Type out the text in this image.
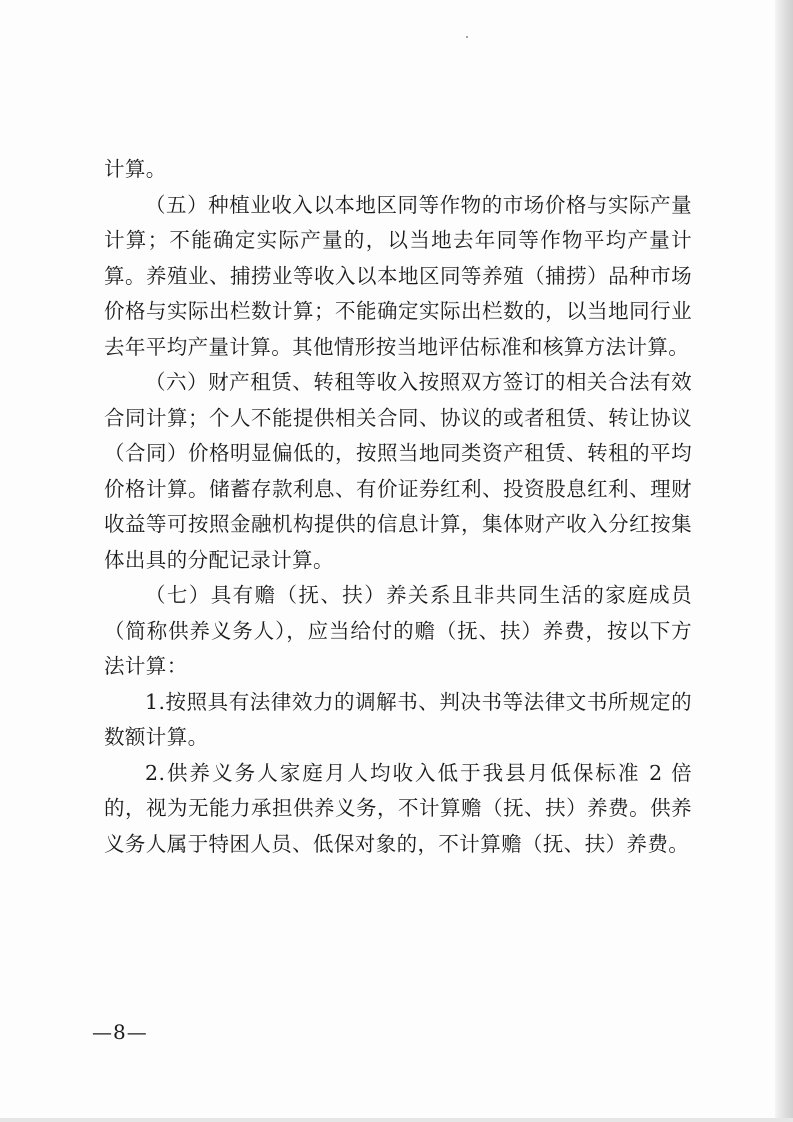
计算。

（五）种植业收入以本地区同等作物的市场价格与实际产量计算；不能确定实际产量的，以当地去年同等作物平均产量计算。养殖业、捕捞业等收入以本地区同等养殖（捕捞）品种市场价格与实际出栏数计算；不能确定实际出栏数的，以当地同行业去年平均产量计算。其他情形按当地评估标准和核算方法计算。

（六）财产租赁、转租等收入按照双方签订的相关合法有效合同计算；个人不能提供相关合同、协议的或者租赁、转让协议（合同）价格明显偏低的，按照当地同类资产租赁、转租的平均价格计算。储蓄存款利息、有价证券红利、投资股息红利、理财收益等可按照金融机构提供的信息计算，集体财产收入分红按集体出具的分配记录计算。

（七）具有赡（抚、扶）养关系且非共同生活的家庭成员（简称供养义务人），应当给付的赡（抚、扶）养费，按以下方法计算：

1.按照具有法律效力的调解书、判决书等法律文书所规定的数额计算。

2.供养义务人家庭月人均收入低于我县月低保标准 2 倍的，视为无能力承担供养义务，不计算赡（抚、扶）养费。供养义务人属于特困人员、低保对象的，不计算赡（抚、扶）养费。

—8—
